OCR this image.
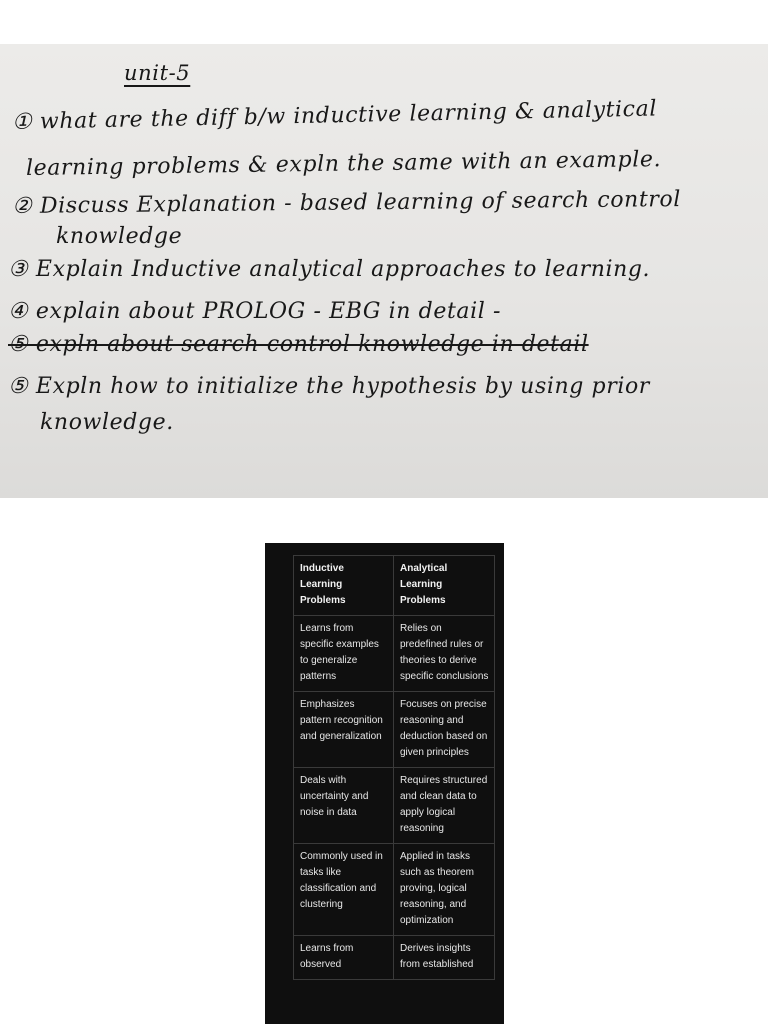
unit-5
① what are the diff b/w inductive learning & analytical
learning problems & expln the same with an example.
② Discuss Explanation - based learning of search control
knowledge
③ Explain Inductive analytical approaches to learning.
④ explain about PROLOG - EBG in detail -
⑤ expln about search control knowledge in detail
⑤ Expln how to initialize the hypothesis by using prior
knowledge.
Inductive Learning Problems	Analytical Learning Problems
Learns from specific examples to generalize patterns	Relies on predefined rules or theories to derive specific conclusions
Emphasizes pattern recognition and generalization	Focuses on precise reasoning and deduction based on given principles
Deals with uncertainty and noise in data	Requires structured and clean data to apply logical reasoning
Commonly used in tasks like classification and clustering	Applied in tasks such as theorem proving, logical reasoning, and optimization
Learns from observed	Derives insights from established
